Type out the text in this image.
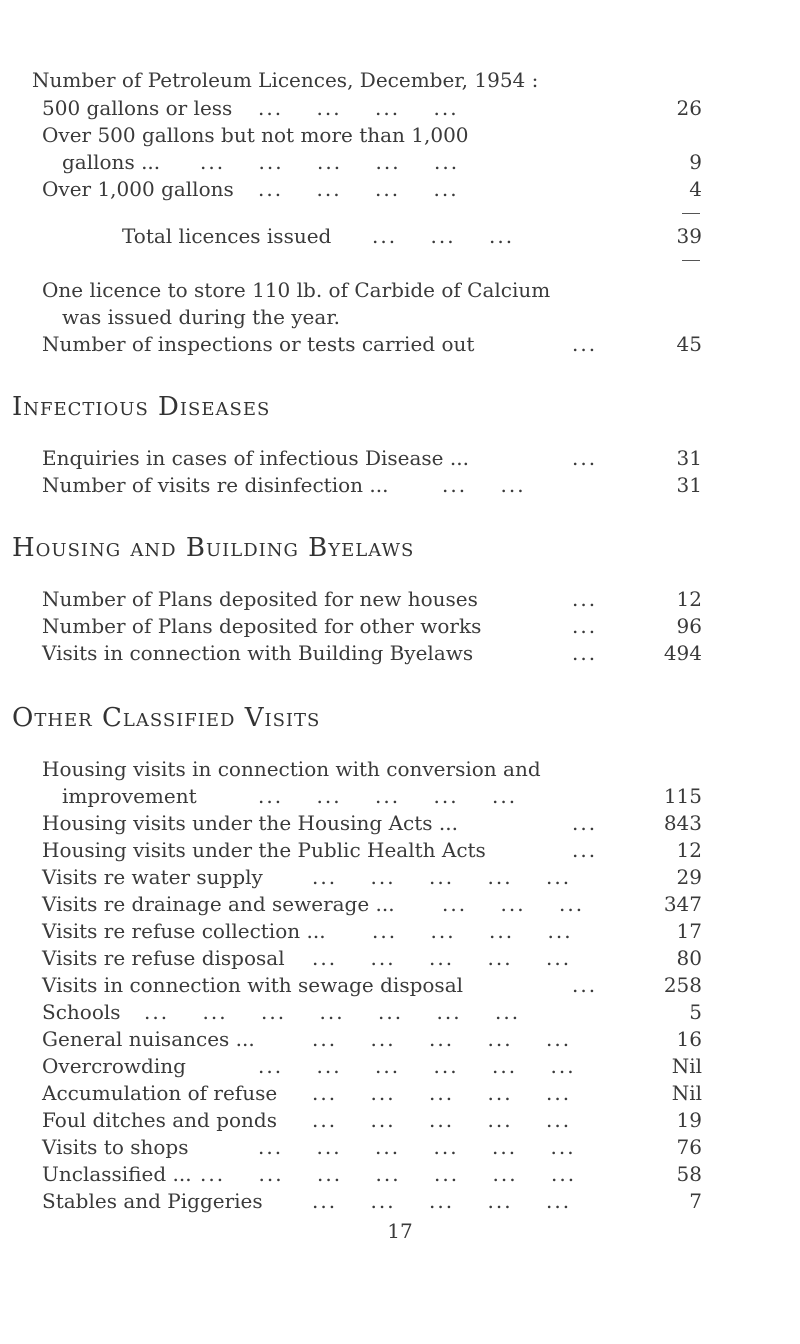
Number of Petroleum Licences, December, 1954 :
500 gallons or less ...    ...    ...    ...	26
Over 500 gallons but not more than 1,000
gallons ... ...    ...    ...    ...    ...	9
Over 1,000 gallons ...    ...    ...    ...	4
Total licences issued ...    ...    ...	39
One licence to store 110 lb. of Carbide of Calcium
was issued during the year.
Number of inspections or tests carried out	...	45
Infectious Diseases
Enquiries in cases of infectious Disease ...	...	31
Number of visits re disinfection ...	...    ...	31
Housing and Building Byelaws
Number of Plans deposited for new houses	...	12
Number of Plans deposited for other works	...	96
Visits in connection with Building Byelaws	...	494
Other Classified Visits
Housing visits in connection with conversion and
improvement	...    ...    ...    ...    ...	115
Housing visits under the Housing Acts ...	...	843
Housing visits under the Public Health Acts	...	12
Visits re water supply ...    ...    ...    ...    ...	29
Visits re drainage and sewerage ... ...    ...    ...	347
Visits re refuse collection ... ...    ...    ...    ...	17
Visits re refuse disposal ...    ...    ...    ...    ...	80
Visits in connection with sewage disposal	...	258
Schools ...    ...    ...    ...    ...    ...    ...	5
General nuisances ...	...    ...    ...    ...    ...	16
Overcrowding	...    ...    ...    ...    ...    ...	Nil
Accumulation of refuse ...    ...    ...    ...    ...	Nil
Foul ditches and ponds ...    ...    ...    ...    ...	19
Visits to shops	...    ...    ...    ...    ...    ...	76
Unclassified ... ...    ...    ...    ...    ...    ...    ...	58
Stables and Piggeries ...    ...    ...    ...    ...	7
17
